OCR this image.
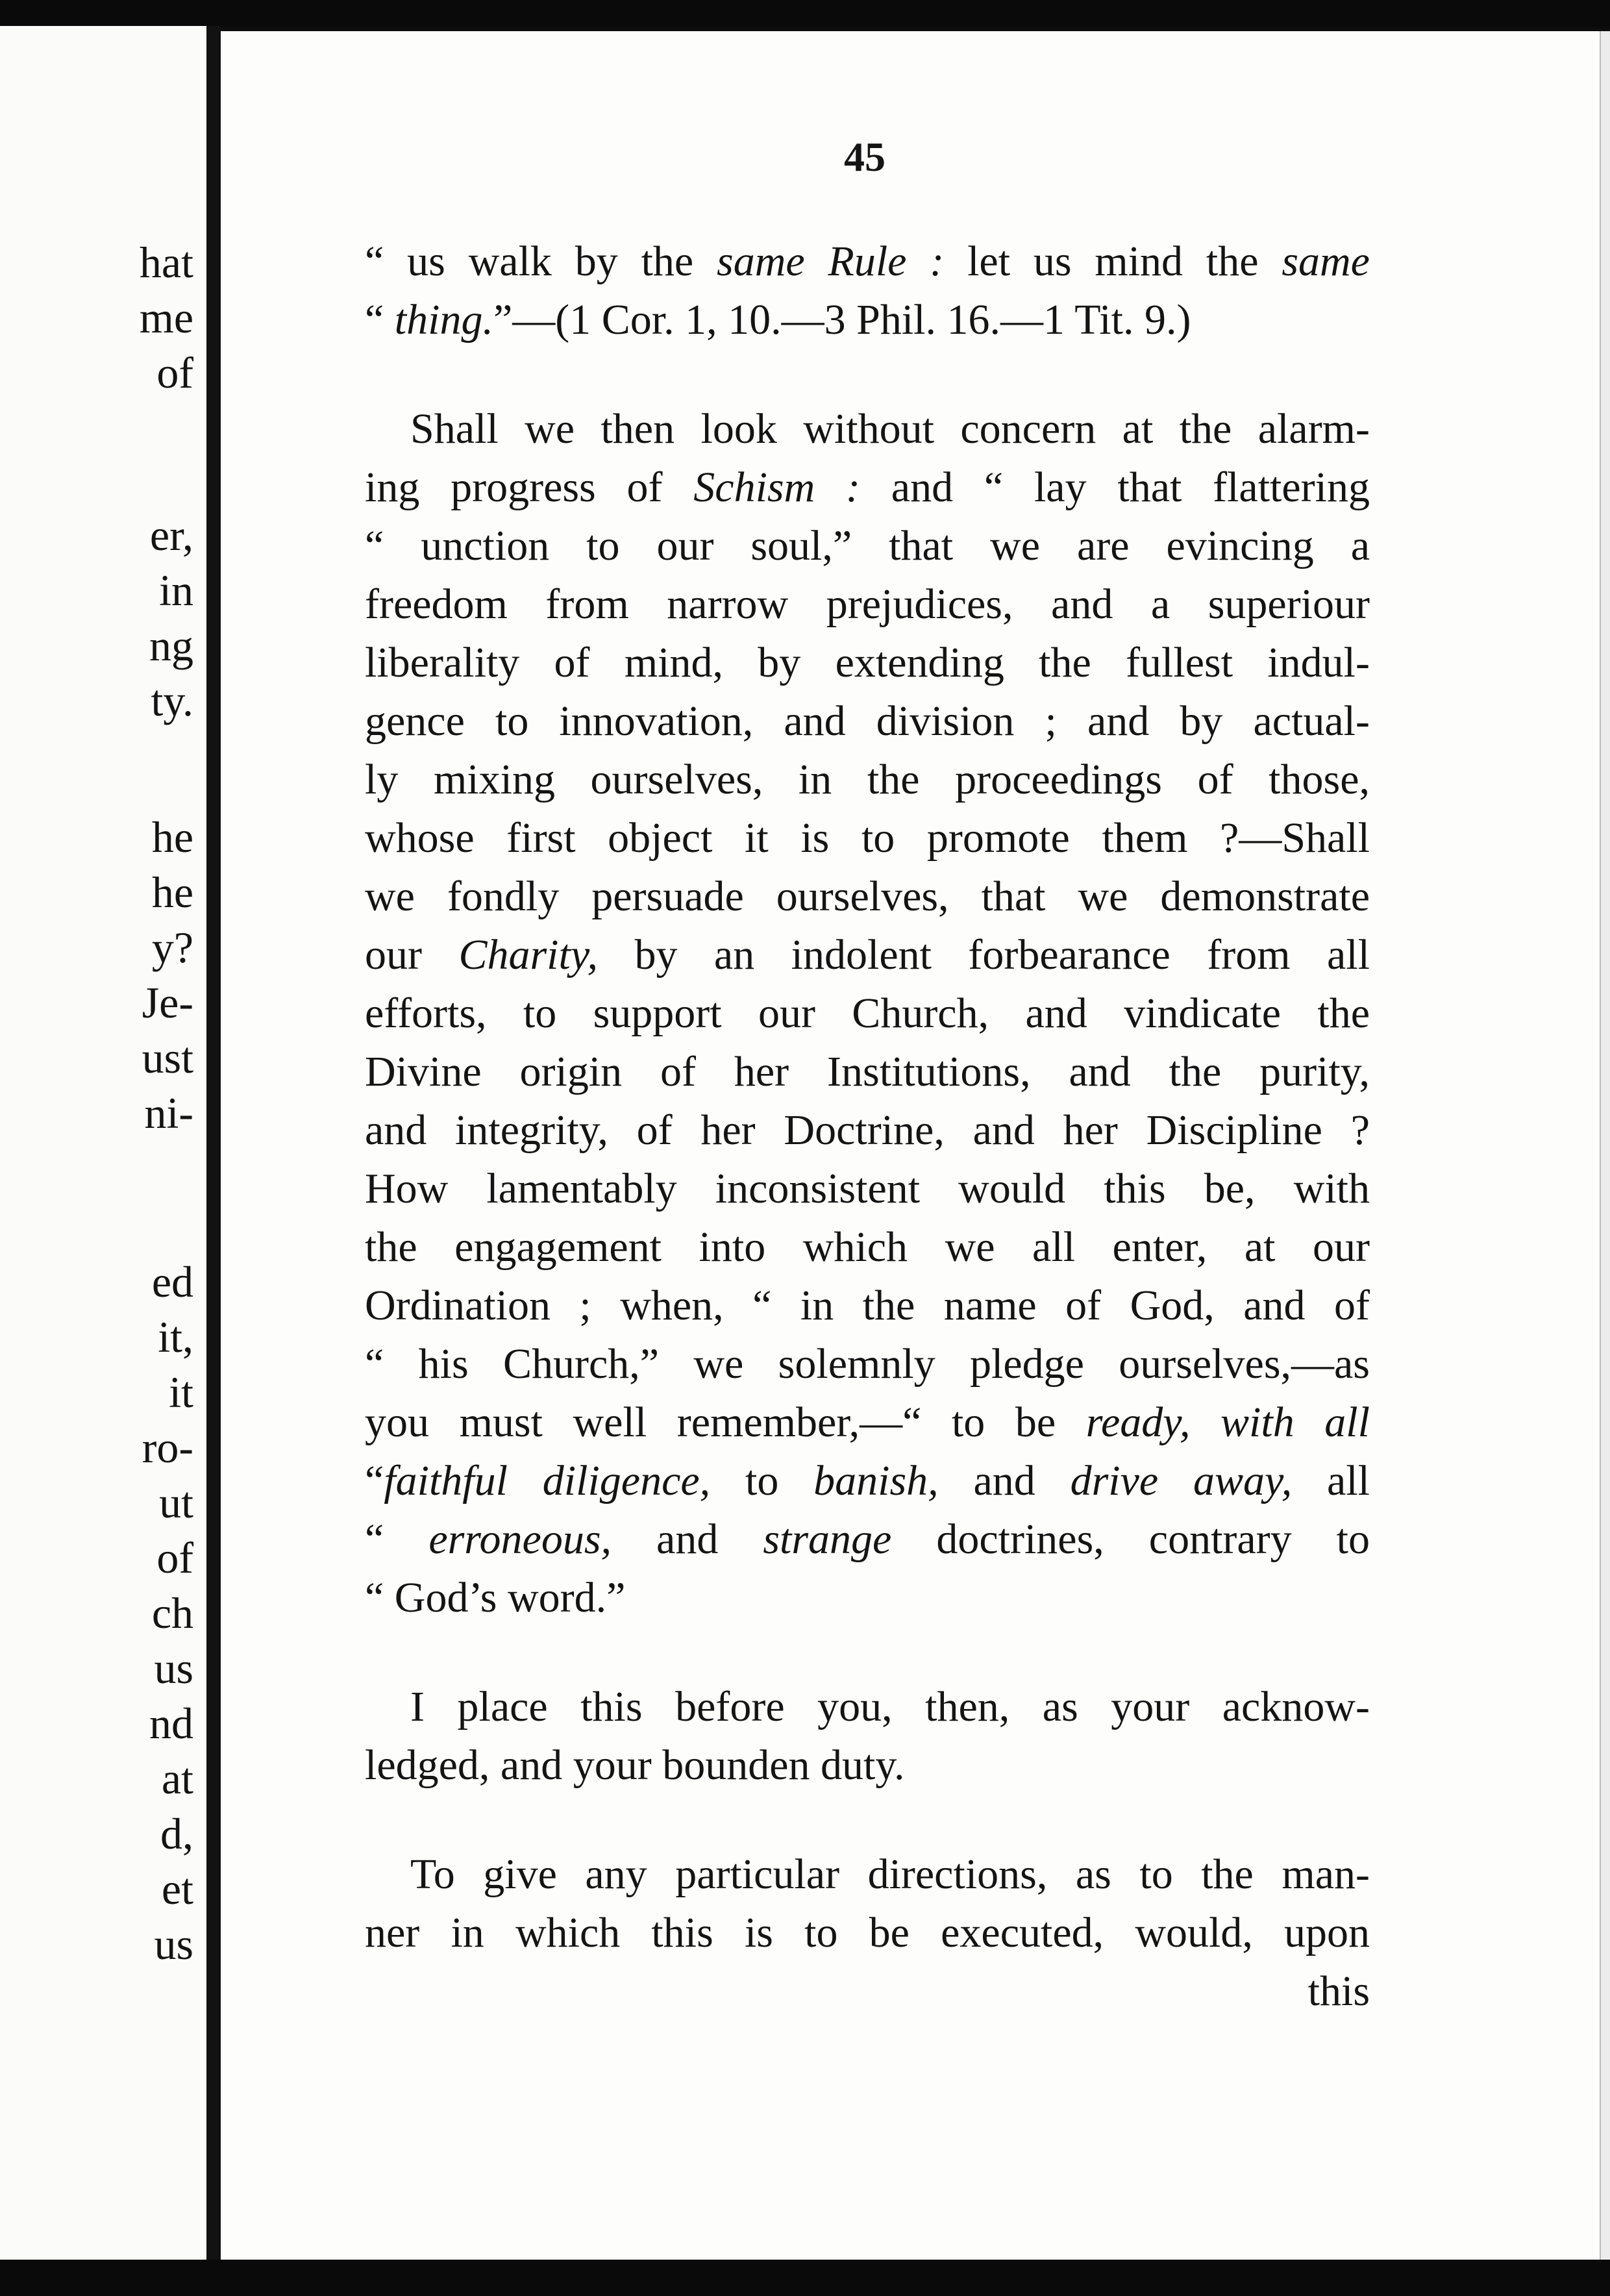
hat
me
of
er,
in
ng
ty.
he
he
y?
Je-
ust
ni-
ed
it,
it
ro-
ut
of
ch
us
nd
at
d,
et
us
45
“ us walk by the same Rule : let us mind the same
“ thing.”—(1 Cor. 1, 10.—3 Phil. 16.—1 Tit. 9.)
Shall we then look without concern at the alarm-
ing progress of Schism : and “ lay that flattering
“ unction to our soul,” that we are evincing a
freedom from narrow prejudices, and a superiour
liberality of mind, by extending the fullest indul-
gence to innovation, and division ; and by actual-
ly mixing ourselves, in the proceedings of those,
whose first object it is to promote them ?—Shall
we fondly persuade ourselves, that we demonstrate
our Charity, by an indolent forbearance from all
efforts, to support our Church, and vindicate the
Divine origin of her Institutions, and the purity,
and integrity, of her Doctrine, and her Discipline ?
How lamentably inconsistent would this be, with
the engagement into which we all enter, at our
Ordination ; when, “ in the name of God, and of
“ his Church,” we solemnly pledge ourselves,—as
you must well remember,—“ to be ready, with all
“faithful diligence, to banish, and drive away, all
“ erroneous, and strange doctrines, contrary to
“ God’s word.”
I place this before you, then, as your acknow-
ledged, and your bounden duty.
To give any particular directions, as to the man-
ner in which this is to be executed, would, upon
this
